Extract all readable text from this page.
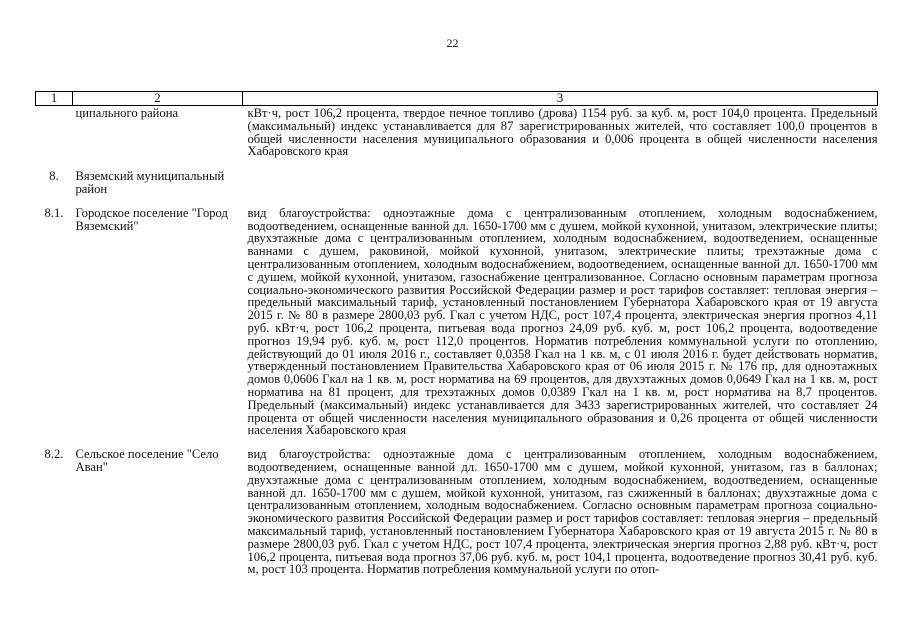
22
1	2	3
	ципального района	кВт·ч, рост 106,2 процента, твердое печное топливо (дрова) 1154 руб. за куб. м, рост 104,0 процента. Предельный (максимальный) индекс устанавливается для 87 зарегистрированных жителей, что составляет 100,0 процентов в общей численности населения муниципального образования и 0,006 процента в общей численности населения Хабаровского края
8.	Вяземский муниципальный район	
8.1.	Городское поселение "Город Вяземский"	вид благоустройства: одноэтажные дома с централизованным отоплением, холодным водоснабжением, водоотведением, оснащенные ванной дл. 1650-1700 мм с душем, мойкой кухонной, унитазом, электрические плиты; двухэтажные дома с централизованным отоплением, холодным водоснабжением, водоотведением, оснащенные ваннами с душем, раковиной, мойкой кухонной, унитазом, электрические плиты; трехэтажные дома с централизованным отоплением, холодным водоснабжением, водоотведением, оснащенные ванной дл. 1650-1700 мм с душем, мойкой кухонной, унитазом, газоснабжение централизованное. Согласно основным параметрам прогноза социально-экономического развития Российской Федерации размер и рост тарифов составляет: тепловая энергия – предельный максимальный тариф, установленный постановлением Губернатора Хабаровского края от 19 августа 2015 г. № 80 в размере 2800,03 руб. Гкал с учетом НДС, рост 107,4 процента, электрическая энергия прогноз 4,11 руб. кВт·ч, рост 106,2 процента, питьевая вода прогноз 24,09 руб. куб. м, рост 106,2 процента, водоотведение прогноз 19,94 руб. куб. м, рост 112,0 процентов. Норматив потребления коммунальной услуги по отоплению, действующий до 01 июля 2016 г., составляет 0,0358 Гкал на 1 кв. м, с 01 июля 2016 г. будет действовать норматив, утвержденный постановлением Правительства Хабаровского края от 06 июля 2015 г. № 176 пр, для одноэтажных домов 0,0606 Гкал на 1 кв. м, рост норматива на 69 процентов, для двухэтажных домов 0,0649 Гкал на 1 кв. м, рост норматива на 81 процент, для трехэтажных домов 0,0389 Гкал на 1 кв. м, рост норматива на 8,7 процентов. Предельный (максимальный) индекс устанавливается для 3433 зарегистрированных жителей, что составляет 24 процента от общей численности населения муниципального образования и 0,26 процента от общей численности населения Хабаровского края
8.2.	Сельское поселение "Село Аван"	вид благоустройства: одноэтажные дома с централизованным отоплением, холодным водоснабжением, водоотведением, оснащенные ванной дл. 1650-1700 мм с душем, мойкой кухонной, унитазом, газ в баллонах; двухэтажные дома с централизованным отоплением, холодным водоснабжением, водоотведением, оснащенные ванной дл. 1650-1700 мм с душем, мойкой кухонной, унитазом, газ сжиженный в баллонах; двухэтажные дома с централизованным отоплением, холодным водоснабжением. Согласно основным параметрам прогноза социально-экономического развития Российской Федерации размер и рост тарифов составляет: тепловая энергия – предельный максимальный тариф, установленный постановлением Губернатора Хабаровского края от 19 августа 2015 г. № 80 в размере 2800,03 руб. Гкал с учетом НДС, рост 107,4 процента, электрическая энергия прогноз 2,88 руб. кВт·ч, рост 106,2 процента, питьевая вода прогноз 37,06 руб. куб. м, рост 104,1 процента, водоотведение прогноз 30,41 руб. куб. м, рост 103 процента. Норматив потребления коммунальной услуги по отоп-
